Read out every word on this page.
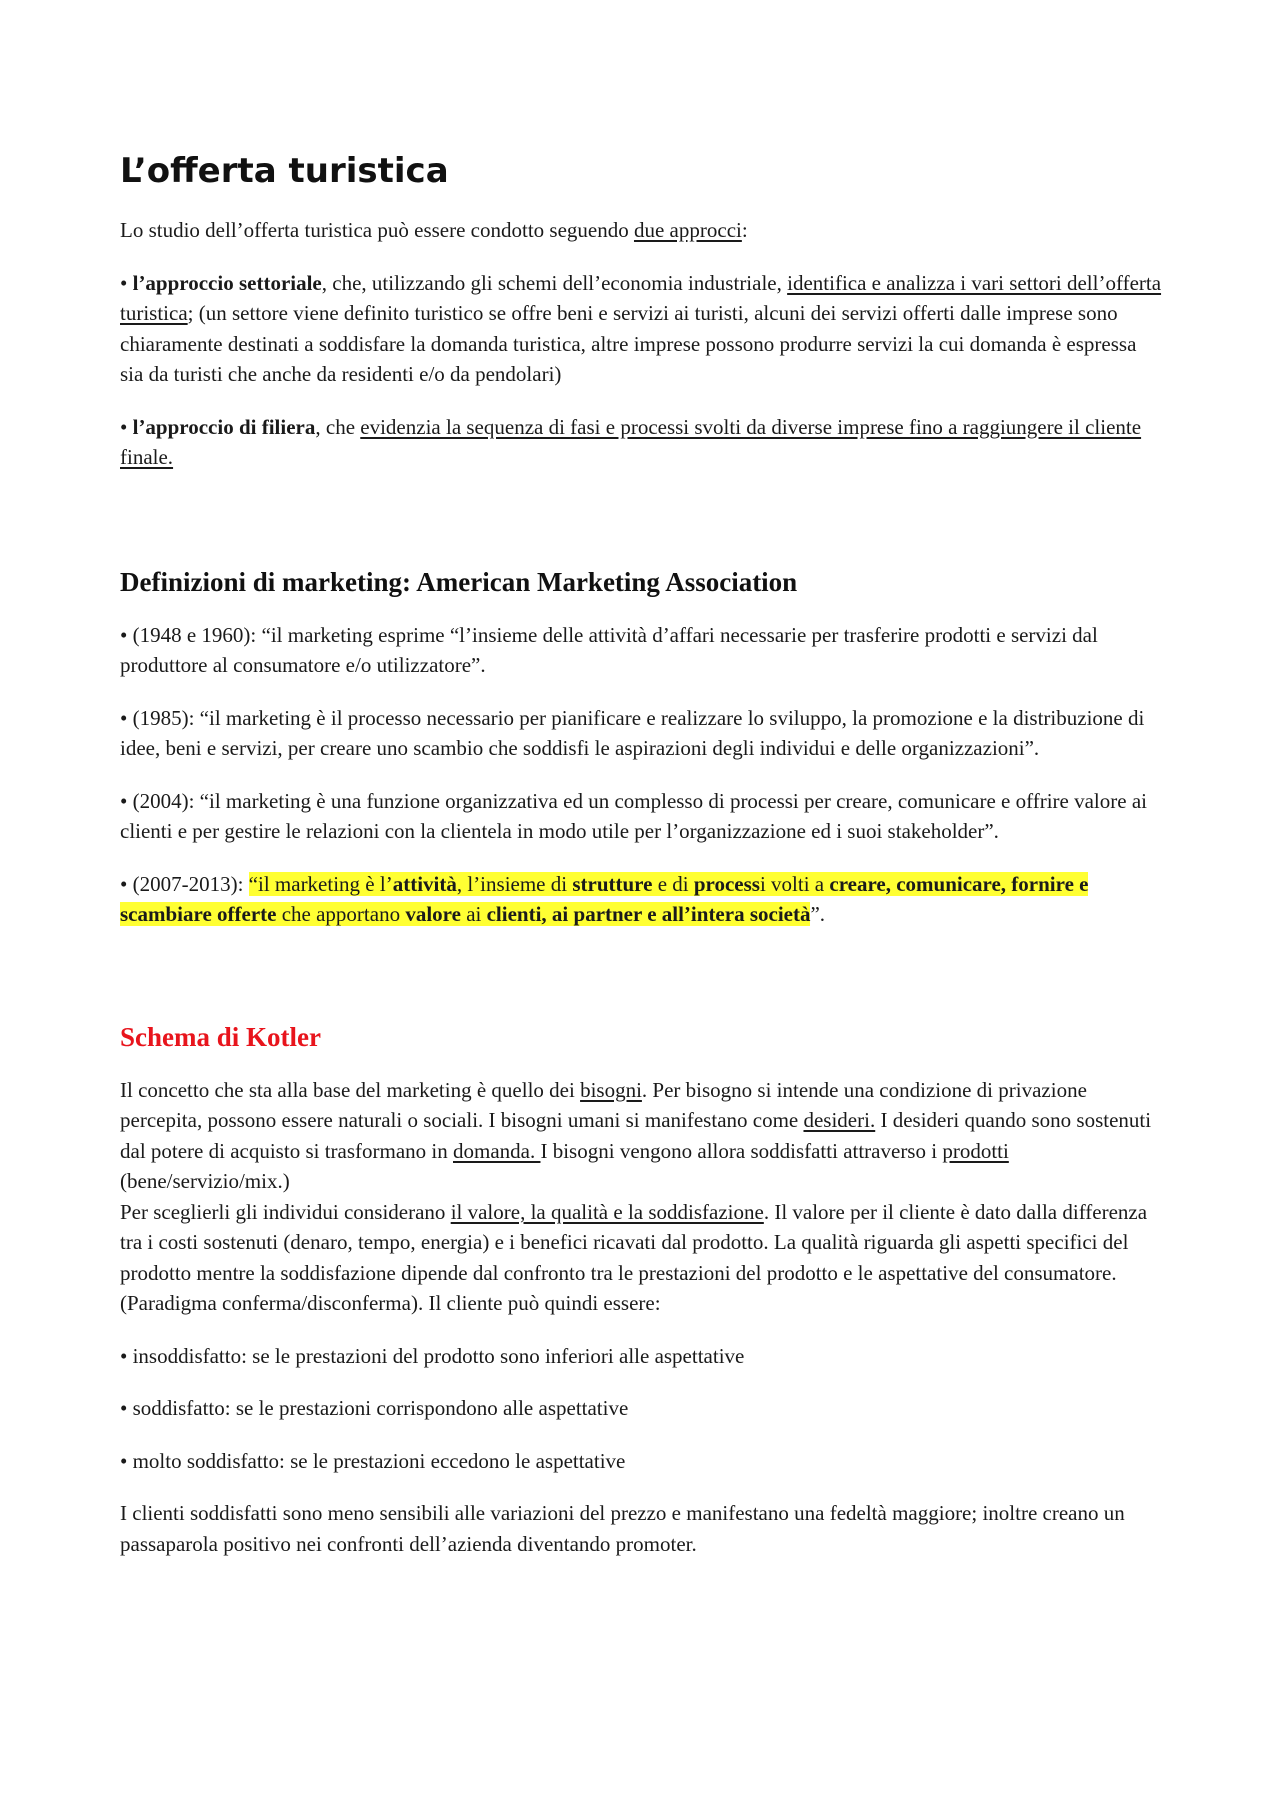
L’offerta turistica

Lo studio dell’offerta turistica può essere condotto seguendo due approcci:

• l’approccio settoriale, che, utilizzando gli schemi dell’economia industriale, identifica e analizza i vari settori dell’offerta turistica; (un settore viene definito turistico se offre beni e servizi ai turisti, alcuni dei servizi offerti dalle imprese sono chiaramente destinati a soddisfare la domanda turistica, altre imprese possono produrre servizi la cui domanda è espressa sia da turisti che anche da residenti e/o da pendolari)

• l’approccio di filiera, che evidenzia la sequenza di fasi e processi svolti da diverse imprese fino a raggiungere il cliente finale.

Definizioni di marketing: American Marketing Association

• (1948 e 1960): “il marketing esprime “l’insieme delle attività d’affari necessarie per trasferire prodotti e servizi dal produttore al consumatore e/o utilizzatore”.

• (1985): “il marketing è il processo necessario per pianificare e realizzare lo sviluppo, la promozione e la distribuzione di idee, beni e servizi, per creare uno scambio che soddisfi le aspirazioni degli individui e delle organizzazioni”.

• (2004): “il marketing è una funzione organizzativa ed un complesso di processi per creare, comunicare e offrire valore ai clienti e per gestire le relazioni con la clientela in modo utile per l’organizzazione ed i suoi stakeholder”.

• (2007-2013): “il marketing è l’attività, l’insieme di strutture e di processi volti a creare, comunicare, fornire e scambiare offerte che apportano valore ai clienti, ai partner e all’intera società”.

Schema di Kotler

Il concetto che sta alla base del marketing è quello dei bisogni. Per bisogno si intende una condizione di privazione percepita, possono essere naturali o sociali. I bisogni umani si manifestano come desideri. I desideri quando sono sostenuti dal potere di acquisto si trasformano in domanda. I bisogni vengono allora soddisfatti attraverso i prodotti (bene/servizio/mix.)

Per sceglierli gli individui considerano il valore, la qualità e la soddisfazione. Il valore per il cliente è dato dalla differenza tra i costi sostenuti (denaro, tempo, energia) e i benefici ricavati dal prodotto. La qualità riguarda gli aspetti specifici del prodotto mentre la soddisfazione dipende dal confronto tra le prestazioni del prodotto e le aspettative del consumatore. (Paradigma conferma/disconferma). Il cliente può quindi essere:

• insoddisfatto: se le prestazioni del prodotto sono inferiori alle aspettative

• soddisfatto: se le prestazioni corrispondono alle aspettative

• molto soddisfatto: se le prestazioni eccedono le aspettative

I clienti soddisfatti sono meno sensibili alle variazioni del prezzo e manifestano una fedeltà maggiore; inoltre creano un passaparola positivo nei confronti dell’azienda diventando promoter.
